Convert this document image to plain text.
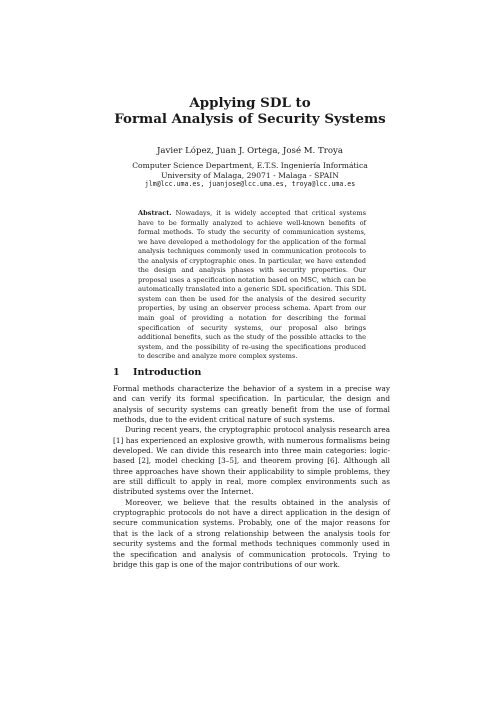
Applying SDL to
Formal Analysis of Security Systems
Javier López, Juan J. Ortega, José M. Troya
Computer Science Department, E.T.S. Ingeniería Informática
University of Malaga, 29071 - Malaga - SPAIN
jlm@lcc.uma.es, juanjose@lcc.uma.es, troya@lcc.uma.es
Abstract. Nowadays, it is widely accepted that critical systems have to be formally analyzed to achieve well-known benefits of formal methods. To study the security of communication systems, we have developed a methodology for the application of the formal analysis techniques commonly used in communication protocols to the analysis of cryptographic ones. In particular, we have extended the design and analysis phases with security properties. Our proposal uses a specification notation based on MSC, which can be automatically translated into a generic SDL specification. This SDL system can then be used for the analysis of the desired security properties, by using an observer process schema. Apart from our main goal of providing a notation for describing the formal specification of security systems, our proposal also brings additional benefits, such as the study of the possible attacks to the system, and the possibility of re-using the specifications produced to describe and analyze more complex systems.
1 Introduction

Formal methods characterize the behavior of a system in a precise way and can verify its formal specification. In particular, the design and analysis of security systems can greatly benefit from the use of formal methods, due to the evident critical nature of such systems.

During recent years, the cryptographic protocol analysis research area [1] has experienced an explosive growth, with numerous formalisms being developed. We can divide this research into three main categories: logic-based [2], model checking [3–5], and theorem proving [6]. Although all three approaches have shown their applicability to simple problems, they are still difficult to apply in real, more complex environments such as distributed systems over the Internet.

Moreover, we believe that the results obtained in the analysis of cryptographic protocols do not have a direct application in the design of secure communication systems. Probably, one of the major reasons for that is the lack of a strong relationship between the analysis tools for security systems and the formal methods techniques commonly used in the specification and analysis of communication protocols. Trying to bridge this gap is one of the major contributions of our work.
